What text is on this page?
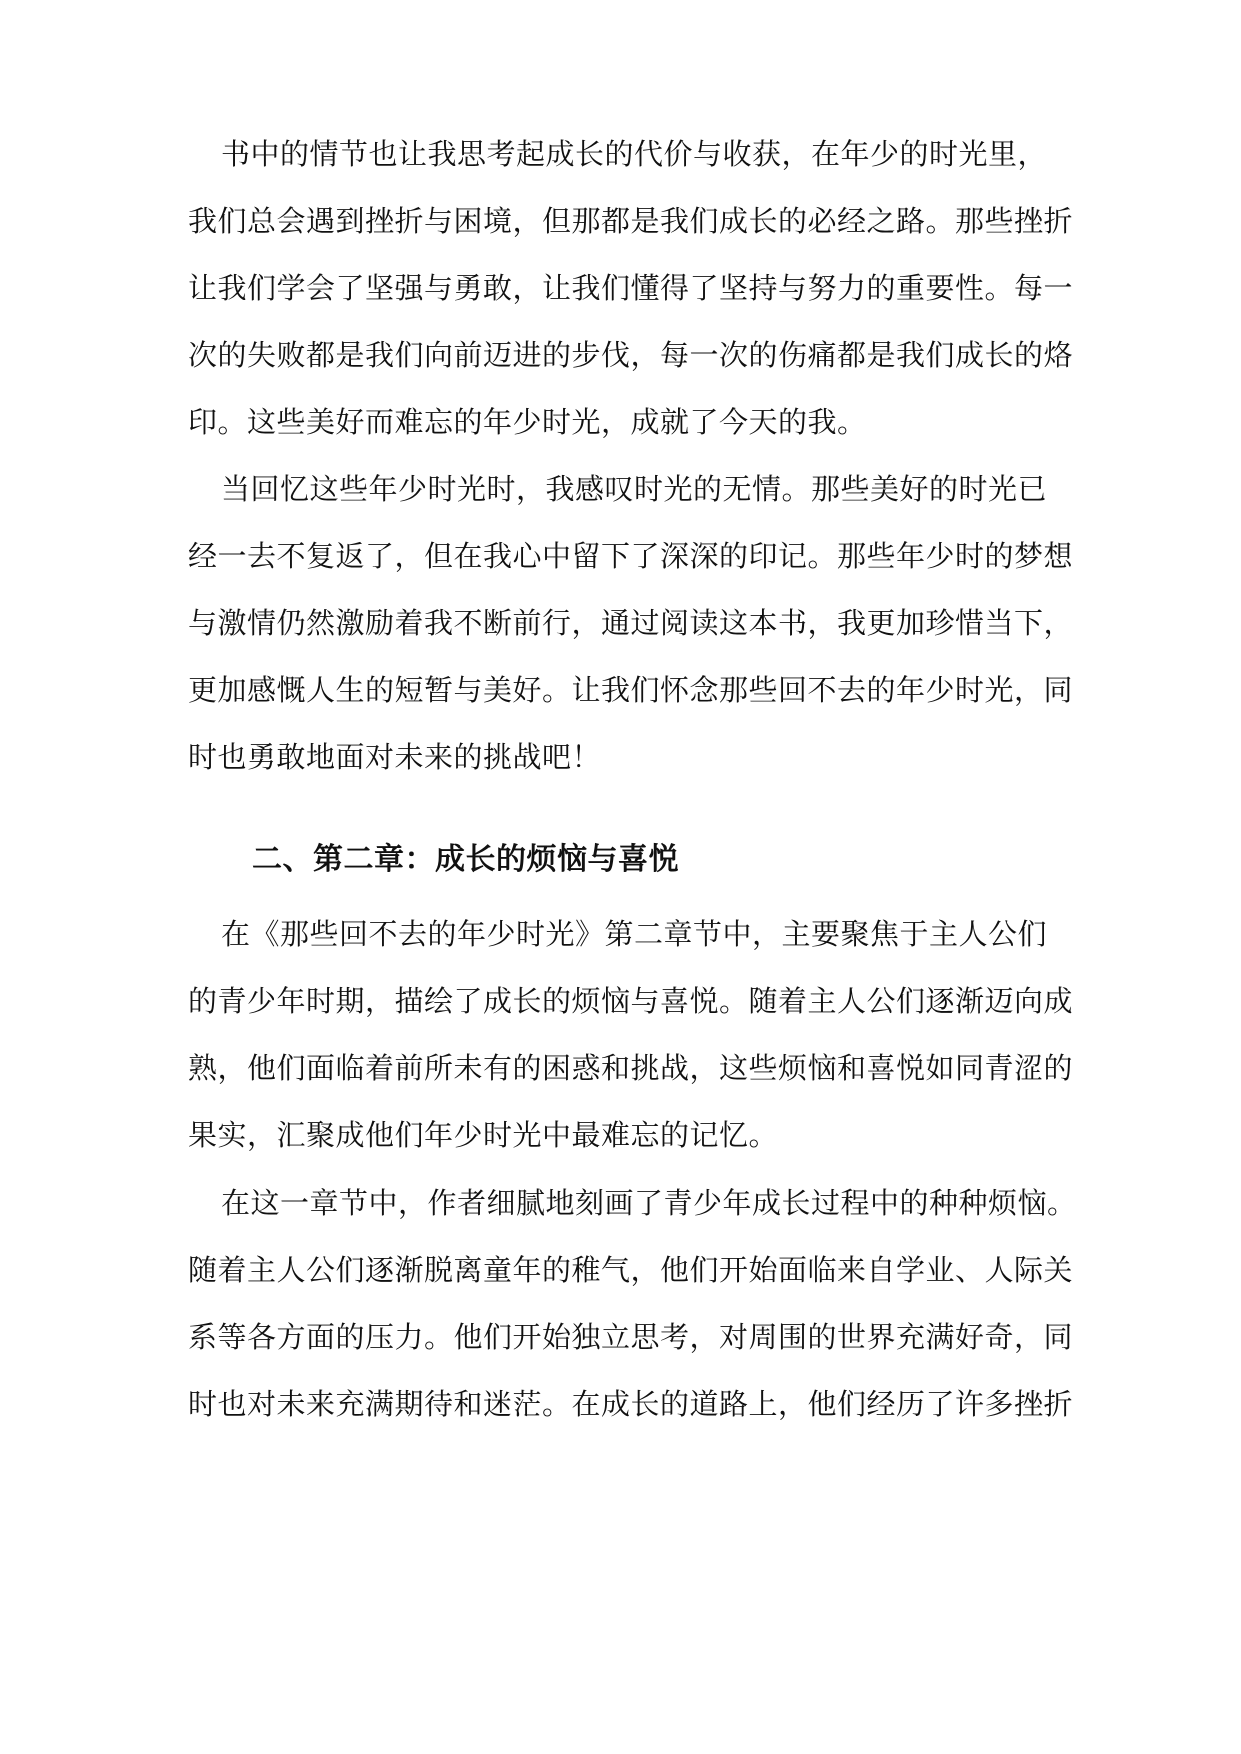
书中的情节也让我思考起成长的代价与收获，在年少的时光里，
我们总会遇到挫折与困境，但那都是我们成长的必经之路。那些挫折
让我们学会了坚强与勇敢，让我们懂得了坚持与努力的重要性。每一
次的失败都是我们向前迈进的步伐，每一次的伤痛都是我们成长的烙
印。这些美好而难忘的年少时光，成就了今天的我。
当回忆这些年少时光时，我感叹时光的无情。那些美好的时光已
经一去不复返了，但在我心中留下了深深的印记。那些年少时的梦想
与激情仍然激励着我不断前行，通过阅读这本书，我更加珍惜当下，
更加感慨人生的短暂与美好。让我们怀念那些回不去的年少时光，同
时也勇敢地面对未来的挑战吧！
二、第二章：成长的烦恼与喜悦
在《那些回不去的年少时光》第二章节中，主要聚焦于主人公们
的青少年时期，描绘了成长的烦恼与喜悦。随着主人公们逐渐迈向成
熟，他们面临着前所未有的困惑和挑战，这些烦恼和喜悦如同青涩的
果实，汇聚成他们年少时光中最难忘的记忆。
在这一章节中，作者细腻地刻画了青少年成长过程中的种种烦恼。
随着主人公们逐渐脱离童年的稚气，他们开始面临来自学业、人际关
系等各方面的压力。他们开始独立思考，对周围的世界充满好奇，同
时也对未来充满期待和迷茫。在成长的道路上，他们经历了许多挫折
